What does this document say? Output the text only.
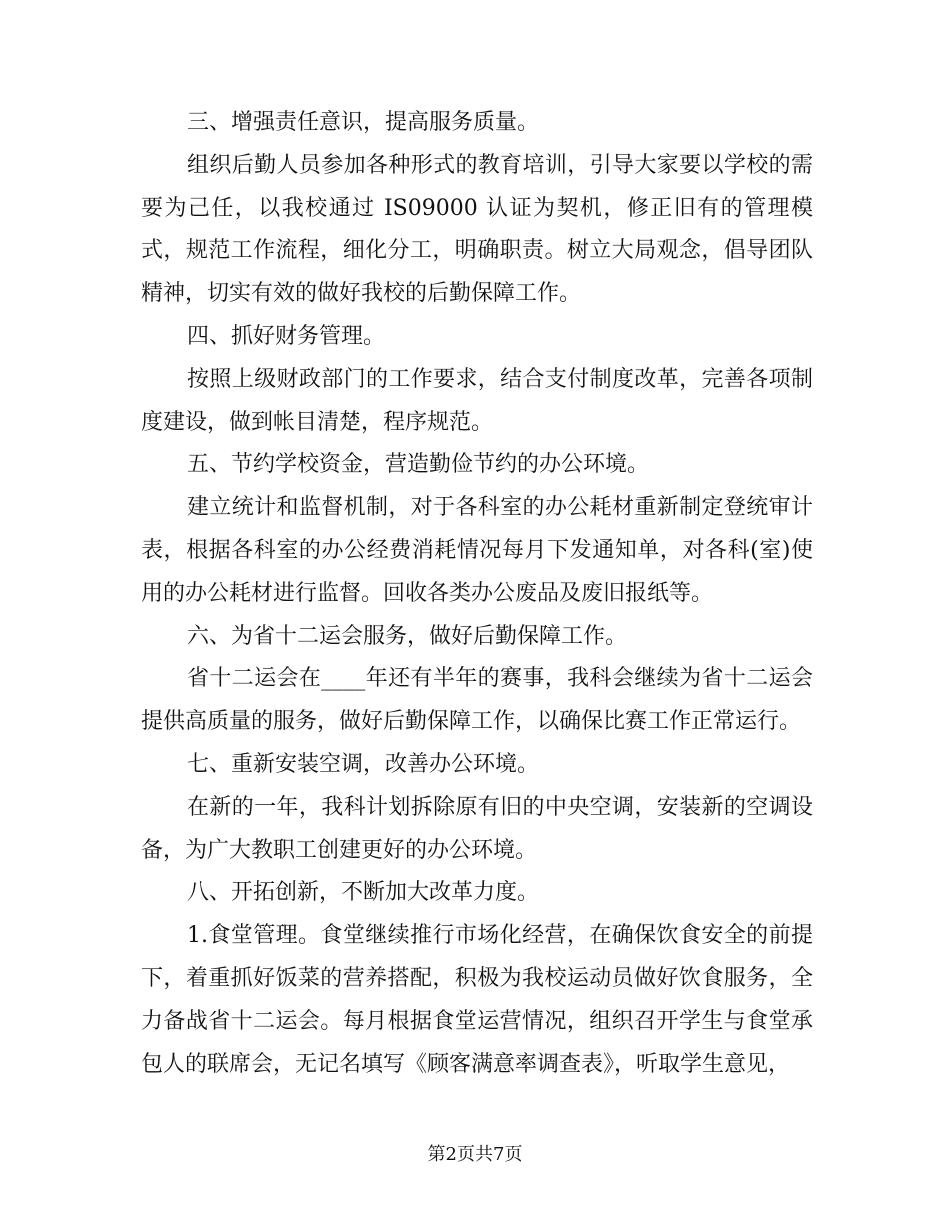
三、增强责任意识，提高服务质量。

组织后勤人员参加各种形式的教育培训，引导大家要以学校的需要为己任，以我校通过 IS09000 认证为契机，修正旧有的管理模式，规范工作流程，细化分工，明确职责。树立大局观念，倡导团队精神，切实有效的做好我校的后勤保障工作。

四、抓好财务管理。

按照上级财政部门的工作要求，结合支付制度改革，完善各项制度建设，做到帐目清楚，程序规范。

五、节约学校资金，营造勤俭节约的办公环境。

建立统计和监督机制，对于各科室的办公耗材重新制定登统审计表，根据各科室的办公经费消耗情况每月下发通知单，对各科(室)使用的办公耗材进行监督。回收各类办公废品及废旧报纸等。

六、为省十二运会服务，做好后勤保障工作。

省十二运会在____年还有半年的赛事，我科会继续为省十二运会提供高质量的服务，做好后勤保障工作，以确保比赛工作正常运行。

七、重新安装空调，改善办公环境。

在新的一年，我科计划拆除原有旧的中央空调，安装新的空调设备，为广大教职工创建更好的办公环境。

八、开拓创新，不断加大改革力度。

1.食堂管理。食堂继续推行市场化经营，在确保饮食安全的前提下，着重抓好饭菜的营养搭配，积极为我校运动员做好饮食服务，全力备战省十二运会。每月根据食堂运营情况，组织召开学生与食堂承包人的联席会，无记名填写《顾客满意率调查表》，听取学生意见，

第2页共7页
